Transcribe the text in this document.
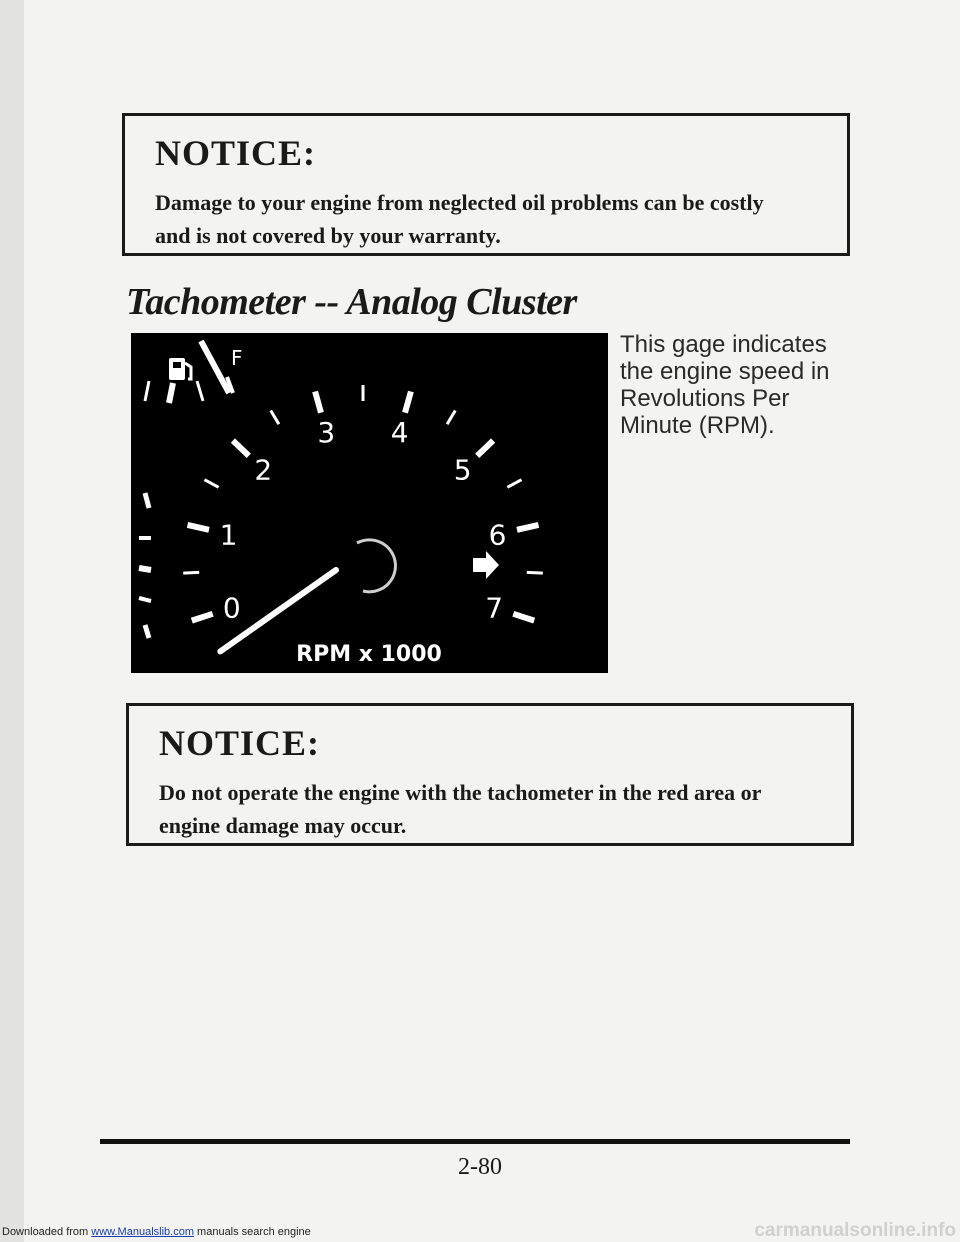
NOTICE:

Damage to your engine from neglected oil problems can be costly and is not covered by your warranty.

Tachometer -- Analog Cluster
F
0
1
2
3 4
5
6
7
RPM x 1000

This gage indicates the engine speed in Revolutions Per Minute (RPM).

NOTICE:

Do not operate the engine with the tachometer in the red area or engine damage may occur.

2-80

Downloaded from www.Manualslib.com manuals search engine	carmanualsonline.info
